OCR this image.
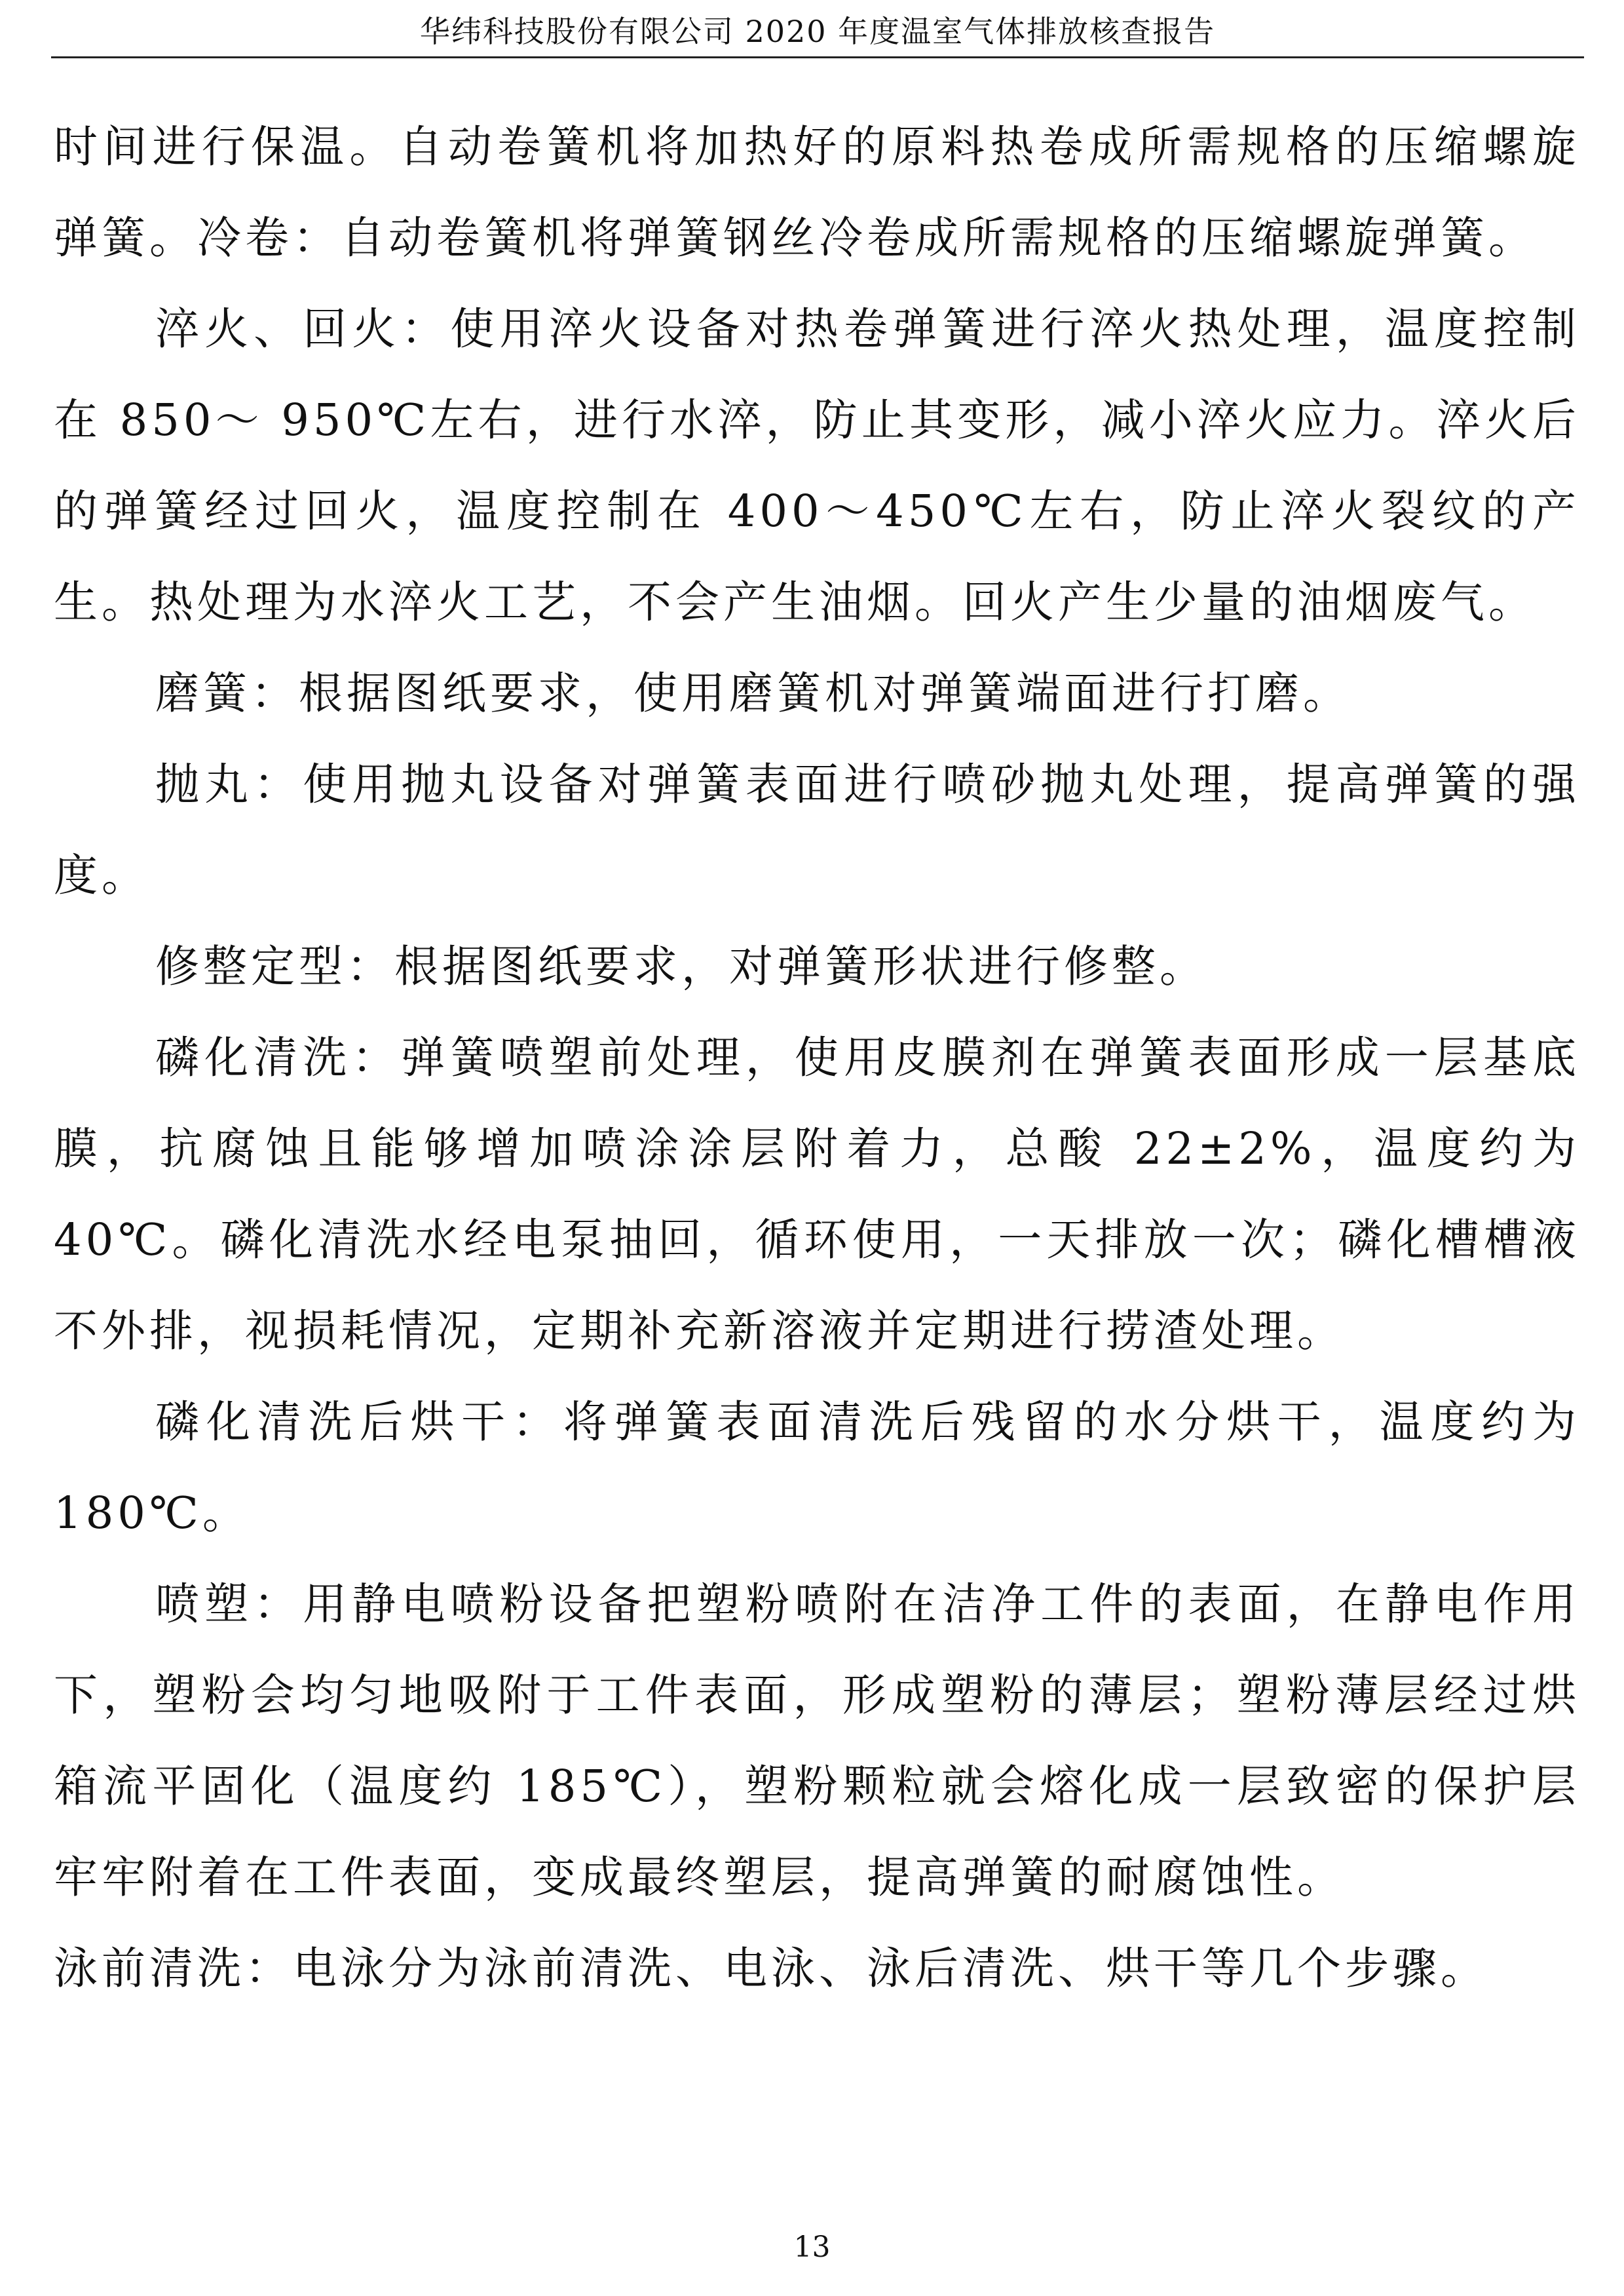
华纬科技股份有限公司 2020 年度温室气体排放核查报告

时间进行保温。自动卷簧机将加热好的原料热卷成所需规格的压缩螺旋弹簧。冷卷：自动卷簧机将弹簧钢丝冷卷成所需规格的压缩螺旋弹簧。

淬火、回火：使用淬火设备对热卷弹簧进行淬火热处理，温度控制在 850～ 950℃左右，进行水淬，防止其变形，减小淬火应力。淬火后的弹簧经过回火，温度控制在 400～450℃左右，防止淬火裂纹的产生。热处理为水淬火工艺，不会产生油烟。回火产生少量的油烟废气。

磨簧：根据图纸要求，使用磨簧机对弹簧端面进行打磨。

抛丸：使用抛丸设备对弹簧表面进行喷砂抛丸处理，提高弹簧的强度。

修整定型：根据图纸要求，对弹簧形状进行修整。

磷化清洗：弹簧喷塑前处理，使用皮膜剂在弹簧表面形成一层基底膜，抗腐蚀且能够增加喷涂涂层附着力，总酸 22±2%，温度约为40℃。磷化清洗水经电泵抽回，循环使用，一天排放一次；磷化槽槽液不外排，视损耗情况，定期补充新溶液并定期进行捞渣处理。

磷化清洗后烘干：将弹簧表面清洗后残留的水分烘干，温度约为180℃。

喷塑：用静电喷粉设备把塑粉喷附在洁净工件的表面，在静电作用下，塑粉会均匀地吸附于工件表面，形成塑粉的薄层；塑粉薄层经过烘箱流平固化（温度约 185℃），塑粉颗粒就会熔化成一层致密的保护层牢牢附着在工件表面，变成最终塑层，提高弹簧的耐腐蚀性。

泳前清洗：电泳分为泳前清洗、电泳、泳后清洗、烘干等几个步骤。

13
